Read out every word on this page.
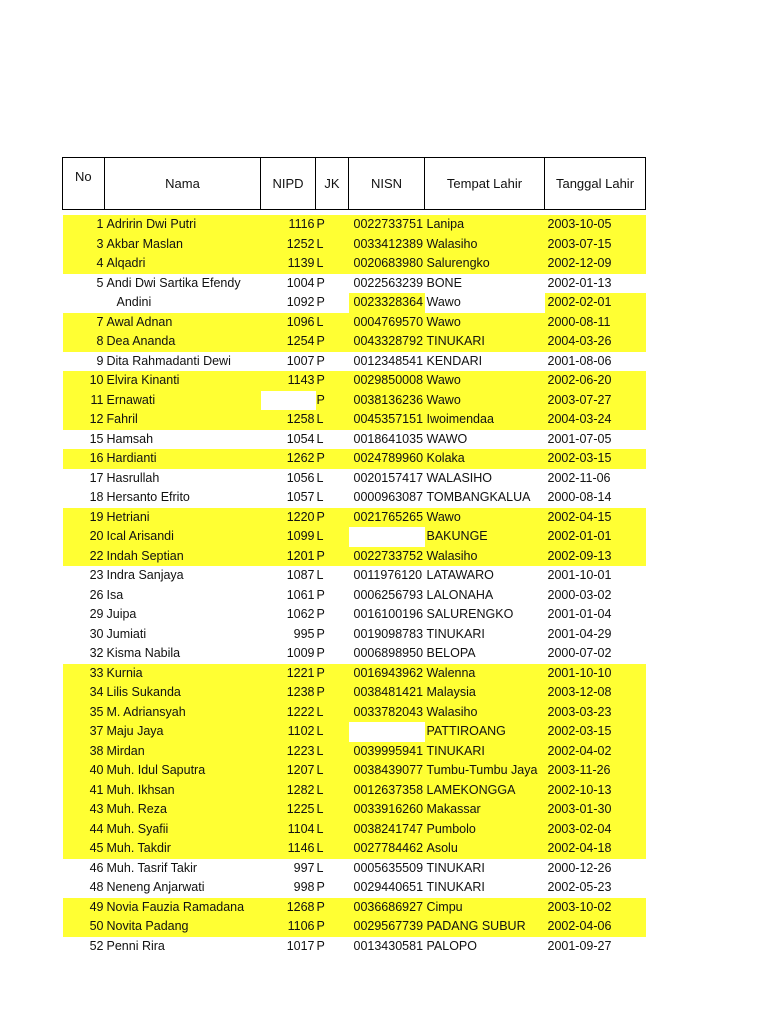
No	Nama	NIPD	JK	NISN	Tempat Lahir	Tanggal Lahir

1	Adririn Dwi Putri	1116	P	0022733751	Lanipa	2003-10-05
3	Akbar Maslan	1252	L	0033412389	Walasiho	2003-07-15
4	Alqadri	1139	L	0020683980	Salurengko	2002-12-09
5	Andi Dwi Sartika Efendy	1004	P	0022563239	BONE	2002-01-13
	Andini	1092	P	0023328364	Wawo	2002-02-01
7	Awal Adnan	1096	L	0004769570	Wawo	2000-08-11
8	Dea Ananda	1254	P	0043328792	TINUKARI	2004-03-26
9	Dita Rahmadanti Dewi	1007	P	0012348541	KENDARI	2001-08-06
10	Elvira Kinanti	1143	P	0029850008	Wawo	2002-06-20
11	Ernawati		P	0038136236	Wawo	2003-07-27
12	Fahril	1258	L	0045357151	Iwoimendaa	2004-03-24
15	Hamsah	1054	L	0018641035	WAWO	2001-07-05
16	Hardianti	1262	P	0024789960	Kolaka	2002-03-15
17	Hasrullah	1056	L	0020157417	WALASIHO	2002-11-06
18	Hersanto Efrito	1057	L	0000963087	TOMBANGKALUA	2000-08-14
19	Hetriani	1220	P	0021765265	Wawo	2002-04-15
20	Ical Arisandi	1099	L		BAKUNGE	2002-01-01
22	Indah Septian	1201	P	0022733752	Walasiho	2002-09-13
23	Indra Sanjaya	1087	L	0011976120	LATAWARO	2001-10-01
26	Isa	1061	P	0006256793	LALONAHA	2000-03-02
29	Juipa	1062	P	0016100196	SALURENGKO	2001-01-04
30	Jumiati	995	P	0019098783	TINUKARI	2001-04-29
32	Kisma Nabila	1009	P	0006898950	BELOPA	2000-07-02
33	Kurnia	1221	P	0016943962	Walenna	2001-10-10
34	Lilis Sukanda	1238	P	0038481421	Malaysia	2003-12-08
35	M. Adriansyah	1222	L	0033782043	Walasiho	2003-03-23
37	Maju Jaya	1102	L		PATTIROANG	2002-03-15
38	Mirdan	1223	L	0039995941	TINUKARI	2002-04-02
40	Muh. Idul Saputra	1207	L	0038439077	Tumbu-Tumbu Jaya	2003-11-26
41	Muh. Ikhsan	1282	L	0012637358	LAMEKONGGA	2002-10-13
43	Muh. Reza	1225	L	0033916260	Makassar	2003-01-30
44	Muh. Syafii	1104	L	0038241747	Pumbolo	2003-02-04
45	Muh. Takdir	1146	L	0027784462	Asolu	2002-04-18
46	Muh. Tasrif Takir	997	L	0005635509	TINUKARI	2000-12-26
48	Neneng Anjarwati	998	P	0029440651	TINUKARI	2002-05-23
49	Novia Fauzia Ramadana	1268	P	0036686927	Cimpu	2003-10-02
50	Novita Padang	1106	P	0029567739	PADANG SUBUR	2002-04-06
52	Penni Rira	1017	P	0013430581	PALOPO	2001-09-27
